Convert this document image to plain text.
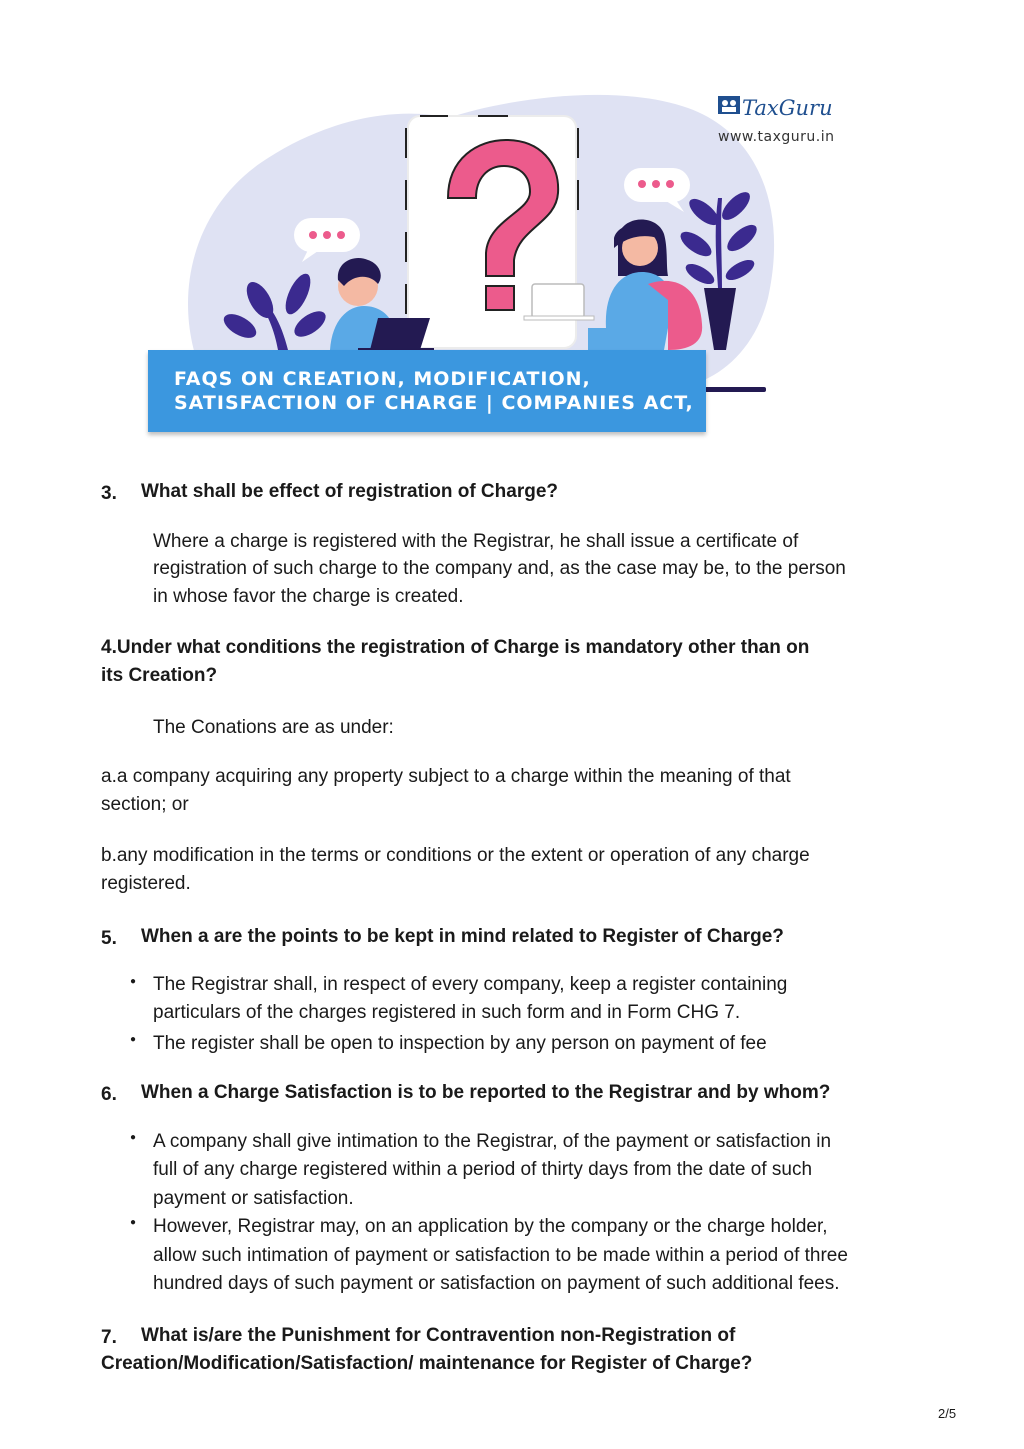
FAQS ON CREATION, MODIFICATION,
SATISFACTION OF CHARGE | COMPANIES ACT,
TaxGuru
www.taxguru.in
3. What shall be effect of registration of Charge?
Where a charge is registered with the Registrar, he shall issue a certificate of
registration of such charge to the company and, as the case may be, to the person
in whose favor the charge is created.
4.Under what conditions the registration of Charge is mandatory other than on
its Creation?
The Conations are as under:
a.a company acquiring any property subject to a charge within the meaning of that
section; or
b.any modification in the terms or conditions or the extent or operation of any charge
registered.
5. When a are the points to be kept in mind related to Register of Charge?
● The Registrar shall, in respect of every company, keep a register containing
particulars of the charges registered in such form and in Form CHG 7.
● The register shall be open to inspection by any person on payment of fee
6. When a Charge Satisfaction is to be reported to the Registrar and by whom?
● A company shall give intimation to the Registrar, of the payment or satisfaction in
full of any charge registered within a period of thirty days from the date of such
payment or satisfaction.
● However, Registrar may, on an application by the company or the charge holder,
allow such intimation of payment or satisfaction to be made within a period of three
hundred days of such payment or satisfaction on payment of such additional fees.
7. What is/are the Punishment for Contravention non-Registration of
Creation/Modification/Satisfaction/ maintenance for Register of Charge?
2/5
